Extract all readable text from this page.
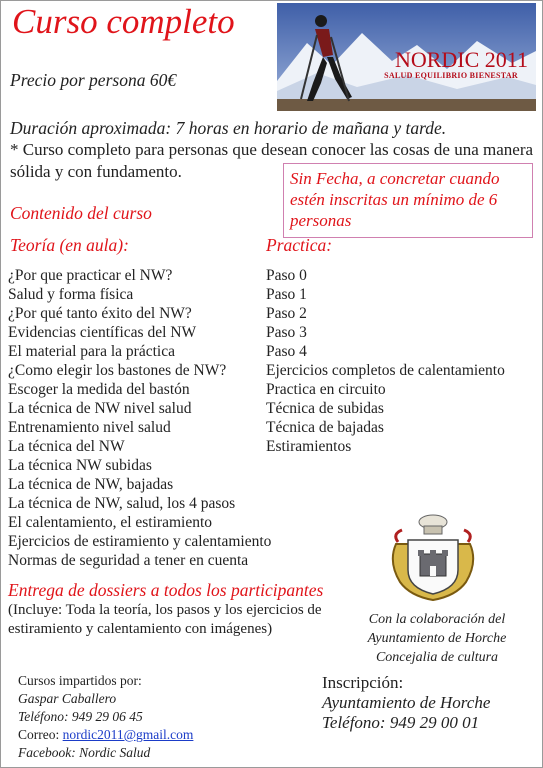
Curso completo
Precio por persona 60€
NORDIC 2011
SALUD EQUILIBRIO BIENESTAR
Duración aproximada: 7 horas en horario de mañana y tarde.
* Curso completo para personas que desean conocer las cosas de una manera sólida y con fundamento.	Sin Fecha, a concretar cuando estén inscritas un mínimo de 6 personas

Contenido del curso
Teoría (en aula):	Practica:
¿Por que practicar el NW?
Salud y forma física
¿Por qué tanto éxito del NW?
Evidencias científicas del NW
El material para la práctica
¿Como elegir los bastones de NW?
Escoger la medida del bastón
La técnica de NW nivel salud
Entrenamiento nivel salud
La técnica del NW
La técnica NW subidas
La técnica de NW, bajadas
La técnica de NW, salud, los 4 pasos
El calentamiento, el estiramiento
Ejercicios de estiramiento y calentamiento
Normas de seguridad a tener en cuenta
Paso 0
Paso 1
Paso 2
Paso 3
Paso 4
Ejercicios completos de calentamiento
Practica en circuito
Técnica de subidas
Técnica de bajadas
Estiramientos
Entrega de dossiers a todos los participantes
(Incluye: Toda la teoría, los pasos y los ejercicios de estiramiento y calentamiento con imágenes)
Con la colaboración del
Ayuntamiento de Horche
Concejalia de cultura
Cursos impartidos por:
Gaspar Caballero
Teléfono: 949 29 06 45
Correo: nordic2011@gmail.com
Facebook: Nordic Salud
Inscripción:
Ayuntamiento de Horche
Teléfono: 949 29 00 01
